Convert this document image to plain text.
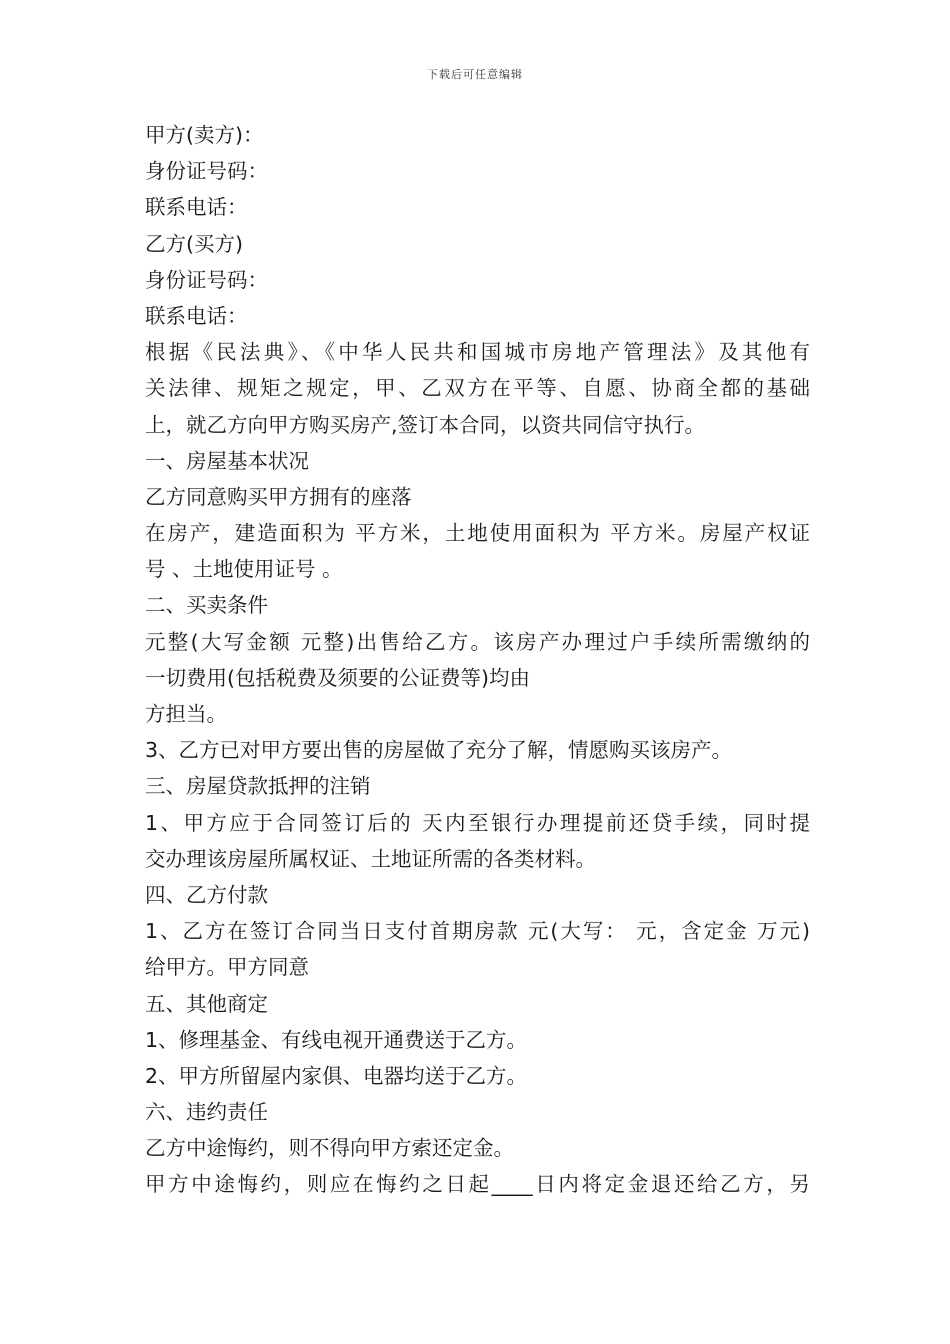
下载后可任意编辑
甲方(卖方)：
身份证号码：
联系电话：
乙方(买方)
身份证号码：
联系电话：
根据《民法典》、《中华人民共和国城市房地产管理法》及其他有
关法律、规矩之规定，甲、乙双方在平等、自愿、协商全都的基础
上，就乙方向甲方购买房产,签订本合同，以资共同信守执行。
一、房屋基本状况
乙方同意购买甲方拥有的座落
在房产，建造面积为 平方米，土地使用面积为 平方米。房屋产权证
号 、土地使用证号 。
二、买卖条件
元整(大写金额 元整)出售给乙方。该房产办理过户手续所需缴纳的
一切费用(包括税费及须要的公证费等)均由
方担当。
3、乙方已对甲方要出售的房屋做了充分了解，情愿购买该房产。
三、房屋贷款抵押的注销
1、甲方应于合同签订后的 天内至银行办理提前还贷手续，同时提
交办理该房屋所属权证、土地证所需的各类材料。
四、乙方付款
1、乙方在签订合同当日支付首期房款 元(大写： 元，含定金 万元)
给甲方。甲方同意
五、其他商定
1、修理基金、有线电视开通费送于乙方。
2、甲方所留屋内家俱、电器均送于乙方。
六、违约责任
乙方中途悔约，则不得向甲方索还定金。
甲方中途悔约，则应在悔约之日起____日内将定金退还给乙方，另
